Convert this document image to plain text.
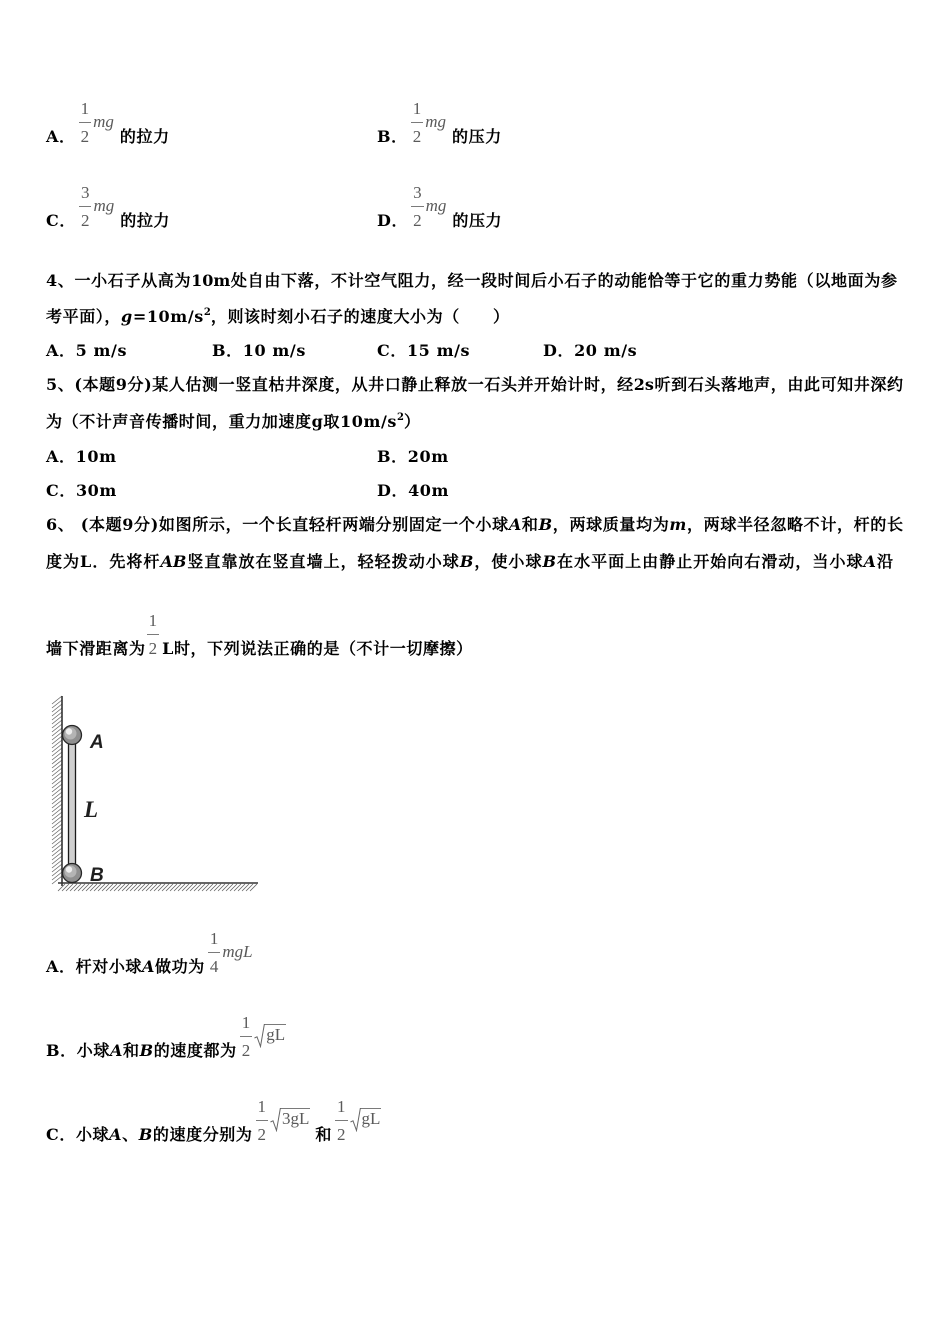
A． $\frac{1}{2}$ mg
的拉力	B． $\frac{1}{2}$ mg
的压力
C． $\frac{3}{2}$ mg
的拉力	D． $\frac{3}{2}$ mg
的压力
4、一小石子从高为10m处自由下落，不计空气阻力，经一段时间后小石子的动能恰等于它的重力势能（以地面为参
考平面），$g=10m/s^2$，则该时刻小石子的速度大小为（　　）
A．5 m/s	B．10 m/s	C．15 m/s	D．20 m/s
5、(本题9分)某人估测一竖直枯井深度，从井口静止释放一石头并开始计时，经2s听到石头落地声，由此可知井深约
为（不计声音传播时间，重力加速度g取$10m/s^2$）
A．10m	B．20m
C．30m	D．40m
6、 (本题9分)如图所示，一个长直轻杆两端分别固定一个小球A和B，两球质量均为m，两球半径忽略不计，杆的长
度为L．先将杆AB竖直靠放在竖直墙上，轻轻拨动小球B，使小球B在水平面上由静止开始向右滑动，当小球A沿
墙下滑距离为 $\frac{1}{2}$ L时，下列说法正确的是（不计一切摩擦）
A
L
B
A．杆对小球A做功为 $\frac{1}{4}$ mgL
B．小球A和B的速度都为 $\frac{1}{2}$ gL
C．小球A、B的速度分别为 $\frac{1}{2} 3gL$
和 $\frac{1}{2}$ gL
